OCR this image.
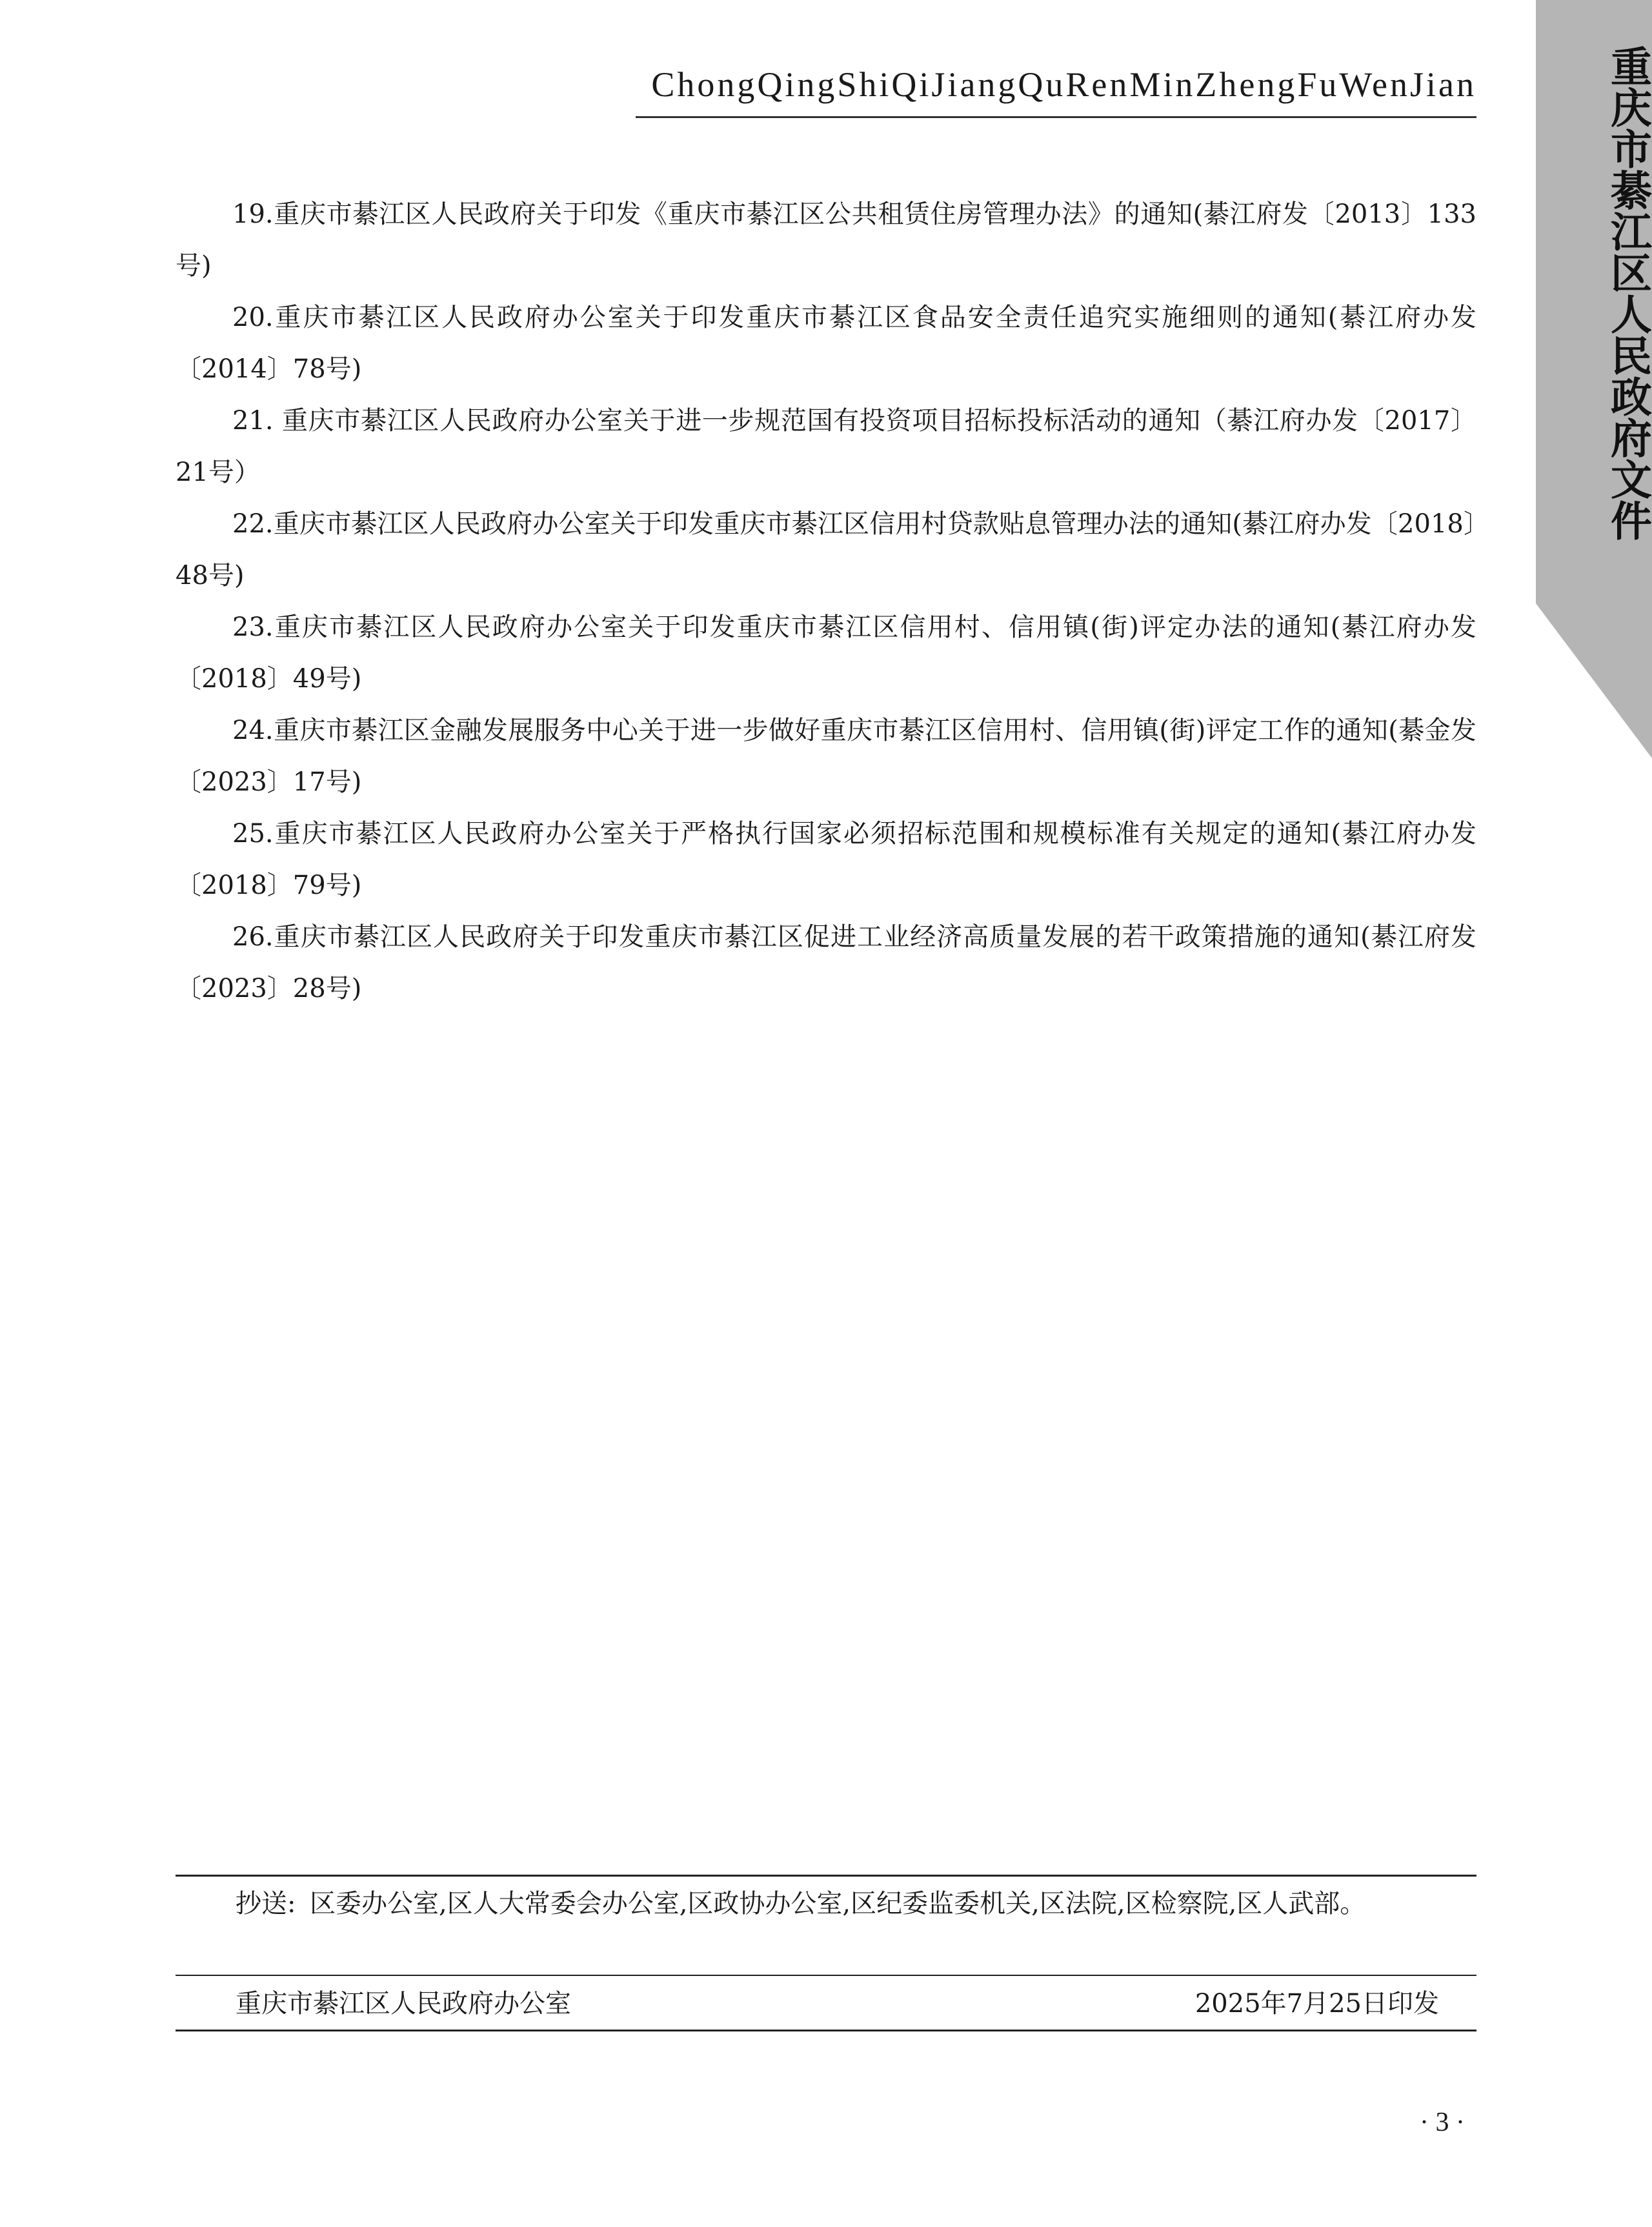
ChongQingShiQiJiangQuRenMinZhengFuWenJian	重庆市綦江区人民政府文件

19.重庆市綦江区人民政府关于印发《重庆市綦江区公共租赁住房管理办法》的通知(綦江府发〔2013〕133号)

20.重庆市綦江区人民政府办公室关于印发重庆市綦江区食品安全责任追究实施细则的通知(綦江府办发〔2014〕78号)

21. 重庆市綦江区人民政府办公室关于进一步规范国有投资项目招标投标活动的通知（綦江府办发〔2017〕21号）

22.重庆市綦江区人民政府办公室关于印发重庆市綦江区信用村贷款贴息管理办法的通知(綦江府办发〔2018〕48号)

23.重庆市綦江区人民政府办公室关于印发重庆市綦江区信用村、信用镇(街)评定办法的通知(綦江府办发〔2018〕49号)

24.重庆市綦江区金融发展服务中心关于进一步做好重庆市綦江区信用村、信用镇(街)评定工作的通知(綦金发〔2023〕17号)

25.重庆市綦江区人民政府办公室关于严格执行国家必须招标范围和规模标准有关规定的通知(綦江府办发〔2018〕79号)

26.重庆市綦江区人民政府关于印发重庆市綦江区促进工业经济高质量发展的若干政策措施的通知(綦江府发〔2023〕28号)

抄送: 区委办公室,区人大常委会办公室,区政协办公室,区纪委监委机关,区法院,区检察院,区人武部。
重庆市綦江区人民政府办公室	2025年7月25日印发
· 3 ·
